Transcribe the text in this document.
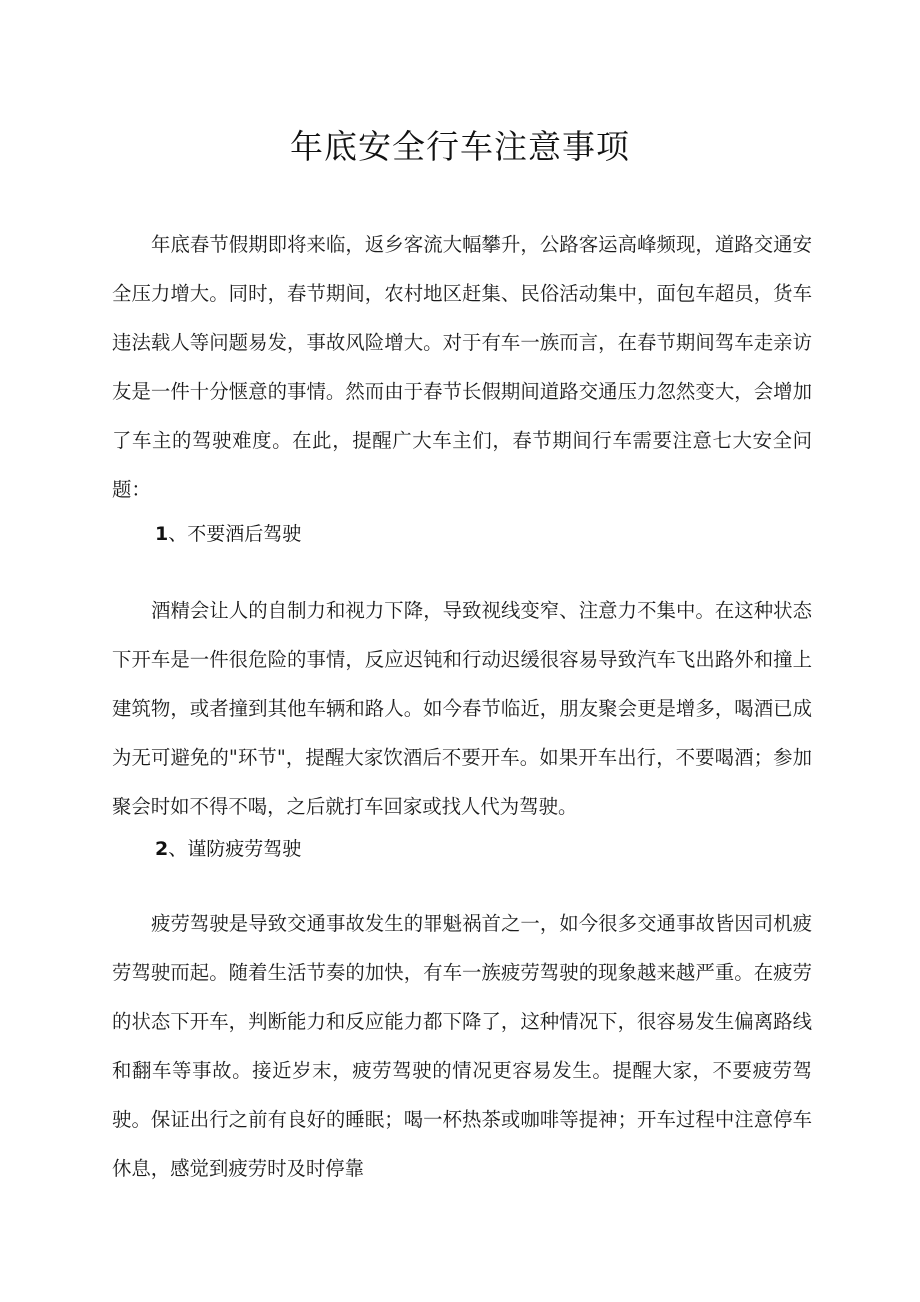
年底安全行车注意事项

年底春节假期即将来临，返乡客流大幅攀升，公路客运高峰频现，道路交通安全压力增大。同时，春节期间，农村地区赶集、民俗活动集中，面包车超员，货车违法载人等问题易发，事故风险增大。对于有车一族而言，在春节期间驾车走亲访友是一件十分惬意的事情。然而由于春节长假期间道路交通压力忽然变大，会增加了车主的驾驶难度。在此，提醒广大车主们，春节期间行车需要注意七大安全问题：

1、不要酒后驾驶

酒精会让人的自制力和视力下降，导致视线变窄、注意力不集中。在这种状态下开车是一件很危险的事情，反应迟钝和行动迟缓很容易导致汽车飞出路外和撞上建筑物，或者撞到其他车辆和路人。如今春节临近，朋友聚会更是增多，喝酒已成为无可避免的"环节"，提醒大家饮酒后不要开车。如果开车出行，不要喝酒；参加聚会时如不得不喝，之后就打车回家或找人代为驾驶。

2、谨防疲劳驾驶

疲劳驾驶是导致交通事故发生的罪魁祸首之一，如今很多交通事故皆因司机疲劳驾驶而起。随着生活节奏的加快，有车一族疲劳驾驶的现象越来越严重。在疲劳的状态下开车，判断能力和反应能力都下降了，这种情况下，很容易发生偏离路线和翻车等事故。接近岁末，疲劳驾驶的情况更容易发生。提醒大家，不要疲劳驾驶。保证出行之前有良好的睡眠；喝一杯热茶或咖啡等提神；开车过程中注意停车休息，感觉到疲劳时及时停靠
